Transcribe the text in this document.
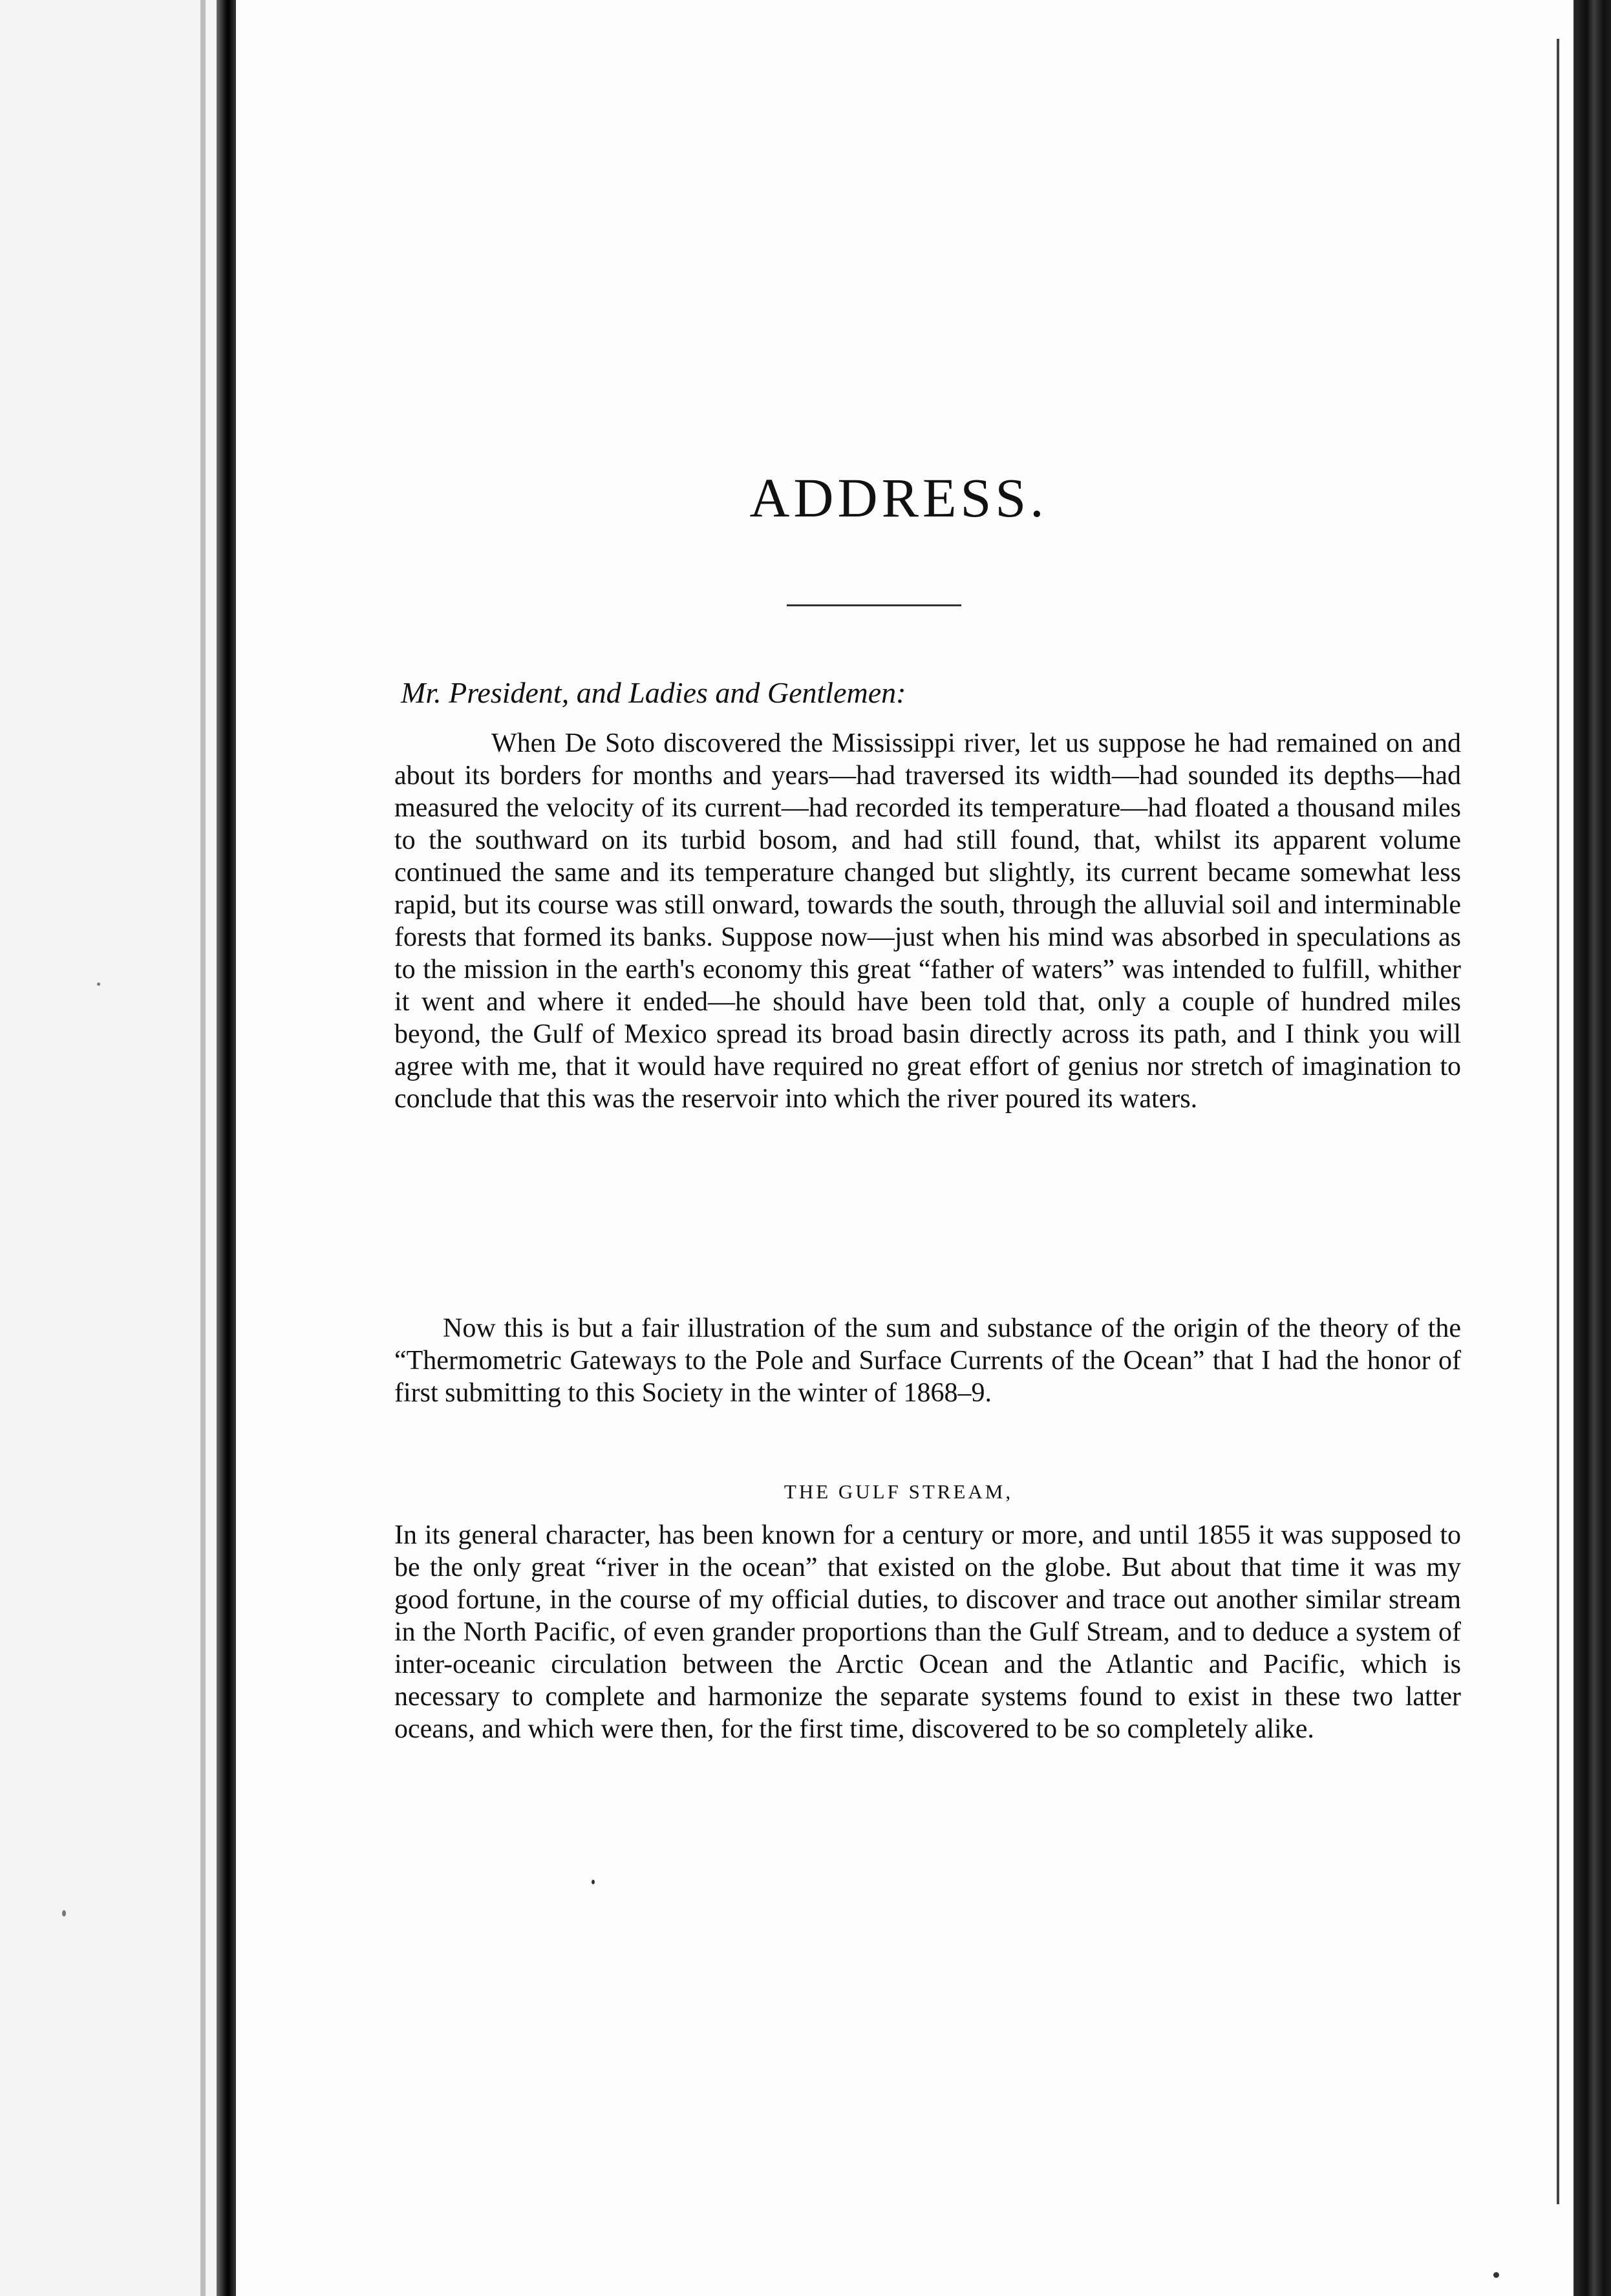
ADDRESS.
Mr. President, and Ladies and Gentlemen:
When De Soto discovered the Mississippi river, let us suppose he had remained on and about its borders for months and years—had traversed its width—had sounded its depths—had measured the velocity of its current—had recorded its temperature—had floated a thousand miles to the southward on its turbid bosom, and had still found, that, whilst its apparent volume continued the same and its temperature changed but slightly, its current became somewhat less rapid, but its course was still onward, towards the south, through the alluvial soil and interminable forests that formed its banks. Suppose now—just when his mind was absorbed in speculations as to the mission in the earth's economy this great “father of waters” was intended to fulfill, whither it went and where it ended—he should have been told that, only a couple of hundred miles beyond, the Gulf of Mexico spread its broad basin directly across its path, and I think you will agree with me, that it would have required no great effort of genius nor stretch of imagination to conclude that this was the reservoir into which the river poured its waters.
Now this is but a fair illustration of the sum and substance of the origin of the theory of the “Thermometric Gateways to the Pole and Surface Currents of the Ocean” that I had the honor of first submitting to this Society in the winter of 1868–9.
THE GULF STREAM,
In its general character, has been known for a century or more, and until 1855 it was supposed to be the only great “river in the ocean” that existed on the globe. But about that time it was my good fortune, in the course of my official duties, to discover and trace out another similar stream in the North Pacific, of even grander proportions than the Gulf Stream, and to deduce a system of inter-oceanic circulation between the Arctic Ocean and the Atlantic and Pacific, which is necessary to complete and harmonize the separate systems found to exist in these two latter oceans, and which were then, for the first time, discovered to be so completely alike.
